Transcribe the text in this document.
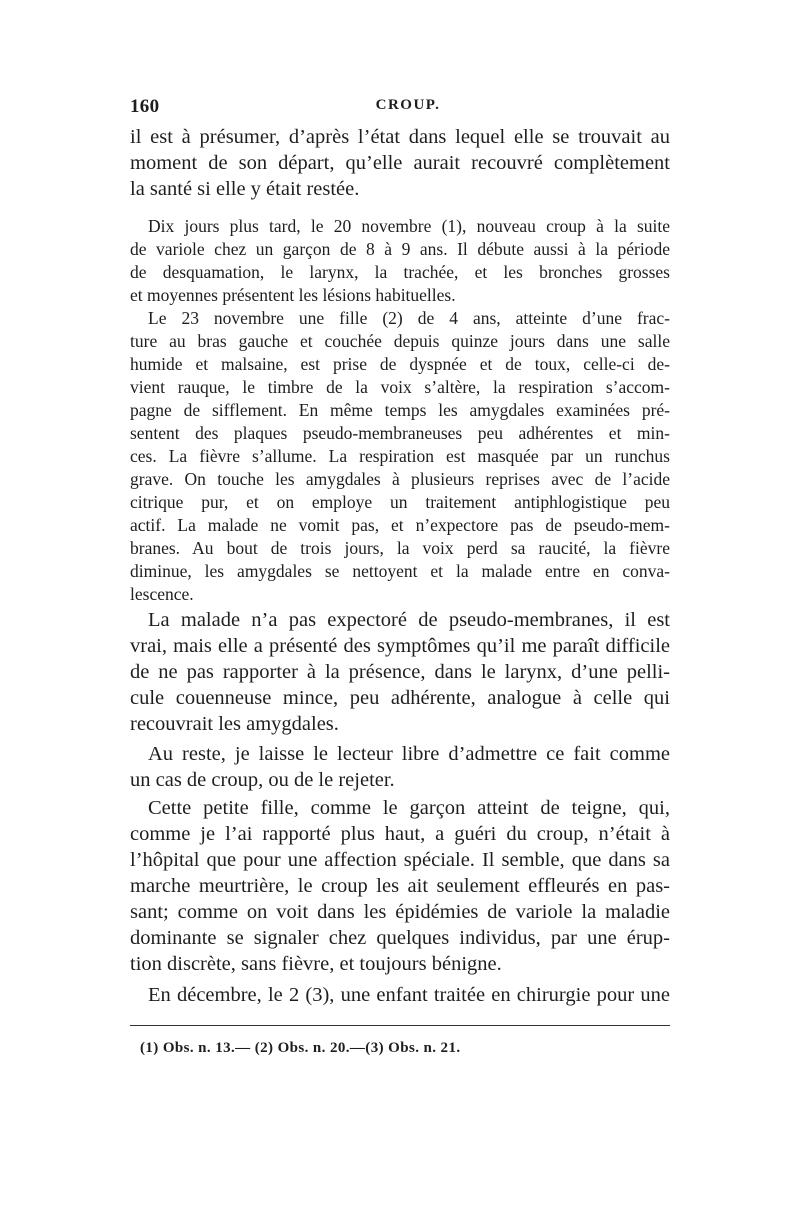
160	CROUP.
il est à présumer, d’après l’état dans lequel elle se trouvait au
moment de son départ, qu’elle aurait recouvré complètement
la santé si elle y était restée.
Dix jours plus tard, le 20 novembre (1), nouveau croup à la suite
de variole chez un garçon de 8 à 9 ans. Il débute aussi à la période
de desquamation, le larynx, la trachée, et les bronches grosses
et moyennes présentent les lésions habituelles.
Le 23 novembre une fille (2) de 4 ans, atteinte d’une frac-
ture au bras gauche et couchée depuis quinze jours dans une salle
humide et malsaine, est prise de dyspnée et de toux, celle-ci de-
vient rauque, le timbre de la voix s’altère, la respiration s’accom-
pagne de sifflement. En même temps les amygdales examinées pré-
sentent des plaques pseudo-membraneuses peu adhérentes et min-
ces. La fièvre s’allume. La respiration est masquée par un runchus
grave. On touche les amygdales à plusieurs reprises avec de l’acide
citrique pur, et on employe un traitement antiphlogistique peu
actif. La malade ne vomit pas, et n’expectore pas de pseudo-mem-
branes. Au bout de trois jours, la voix perd sa raucité, la fièvre
diminue, les amygdales se nettoyent et la malade entre en conva-
lescence.
La malade n’a pas expectoré de pseudo-membranes, il est
vrai, mais elle a présenté des symptômes qu’il me paraît difficile
de ne pas rapporter à la présence, dans le larynx, d’une pelli-
cule couenneuse mince, peu adhérente, analogue à celle qui
recouvrait les amygdales.
Au reste, je laisse le lecteur libre d’admettre ce fait comme
un cas de croup, ou de le rejeter.
Cette petite fille, comme le garçon atteint de teigne, qui,
comme je l’ai rapporté plus haut, a guéri du croup, n’était à
l’hôpital que pour une affection spéciale. Il semble, que dans sa
marche meurtrière, le croup les ait seulement effleurés en pas-
sant; comme on voit dans les épidémies de variole la maladie
dominante se signaler chez quelques individus, par une érup-
tion discrète, sans fièvre, et toujours bénigne.
En décembre, le 2 (3), une enfant traitée en chirurgie pour une
(1) Obs. n. 13.— (2) Obs. n. 20.—(3) Obs. n. 21.
